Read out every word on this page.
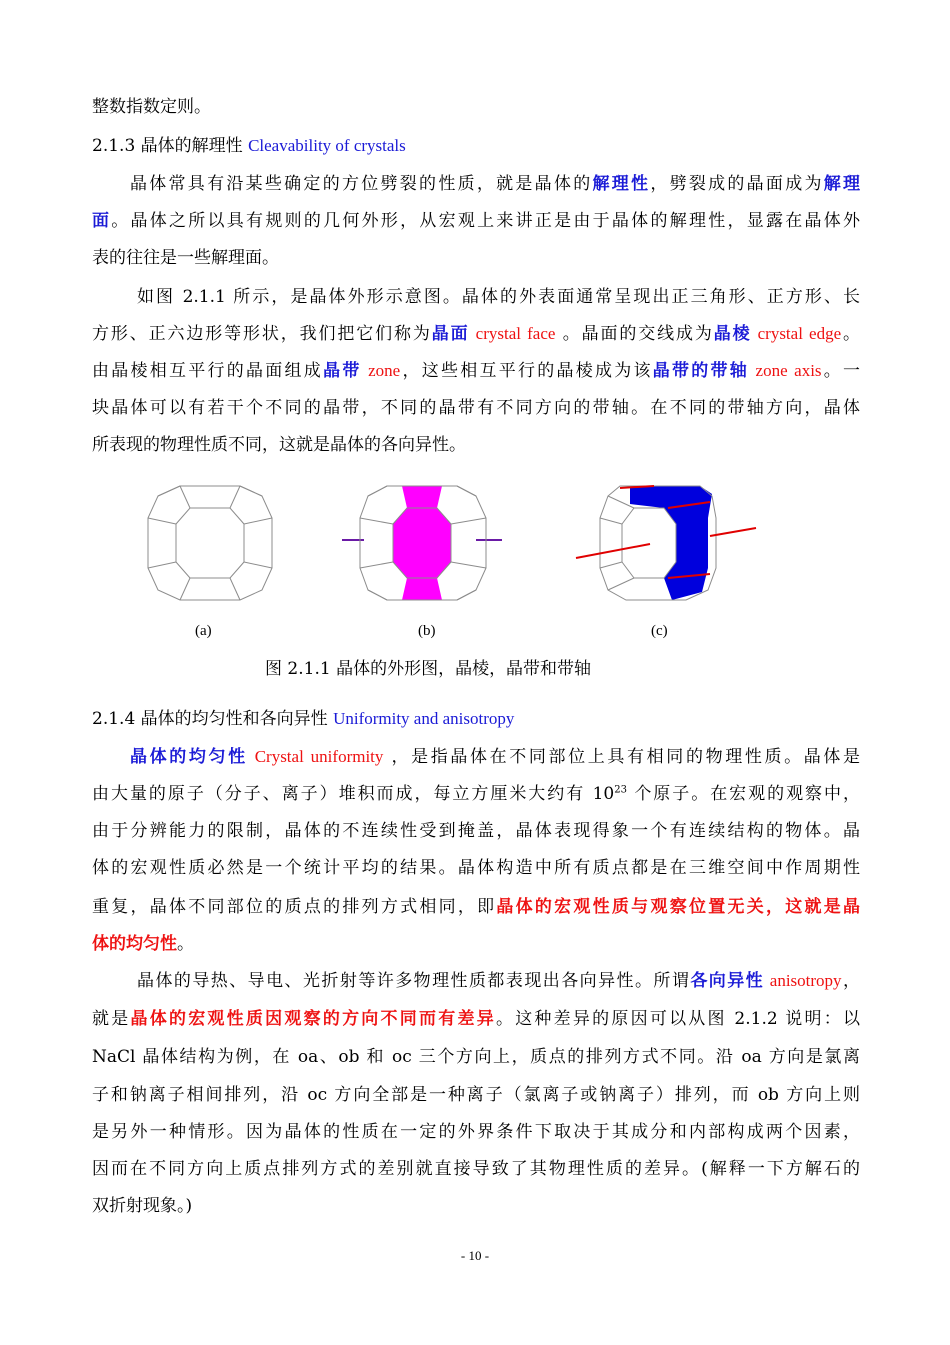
整数指数定则。
2.1.3 晶体的解理性 Cleavability of crystals
晶体常具有沿某些确定的方位劈裂的性质，就是晶体的解理性，劈裂成的晶面成为解理
面。晶体之所以具有规则的几何外形，从宏观上来讲正是由于晶体的解理性，显露在晶体外
表的往往是一些解理面。
如图 2.1.1 所示，是晶体外形示意图。晶体的外表面通常呈现出正三角形、正方形、长
方形、正六边形等形状，我们把它们称为晶面 crystal face 。晶面的交线成为晶棱 crystal edge。
由晶棱相互平行的晶面组成晶带 zone，这些相互平行的晶棱成为该晶带的带轴 zone axis。一
块晶体可以有若干个不同的晶带，不同的晶带有不同方向的带轴。在不同的带轴方向，晶体
所表现的物理性质不同，这就是晶体的各向异性。
(a)	(b)	(c)
图 2.1.1 晶体的外形图，晶棱，晶带和带轴
2.1.4 晶体的均匀性和各向异性 Uniformity and anisotropy
晶体的均匀性 Crystal uniformity ，是指晶体在不同部位上具有相同的物理性质。晶体是
由大量的原子（分子、离子）堆积而成，每立方厘米大约有 $10^{23}$ 个原子。在宏观的观察中，
由于分辨能力的限制，晶体的不连续性受到掩盖，晶体表现得象一个有连续结构的物体。晶
体的宏观性质必然是一个统计平均的结果。晶体构造中所有质点都是在三维空间中作周期性
重复，晶体不同部位的质点的排列方式相同，即晶体的宏观性质与观察位置无关，这就是晶
体的均匀性。
晶体的导热、导电、光折射等许多物理性质都表现出各向异性。所谓各向异性 anisotropy，
就是晶体的宏观性质因观察的方向不同而有差异。这种差异的原因可以从图 2.1.2 说明：以
NaCl 晶体结构为例，在 oa、ob 和 oc 三个方向上，质点的排列方式不同。沿 oa 方向是氯离
子和钠离子相间排列，沿 oc 方向全部是一种离子（氯离子或钠离子）排列，而 ob 方向上则
是另外一种情形。因为晶体的性质在一定的外界条件下取决于其成分和内部构成两个因素，
因而在不同方向上质点排列方式的差别就直接导致了其物理性质的差异。(解释一下方解石的
双折射现象。)
- 10 -
